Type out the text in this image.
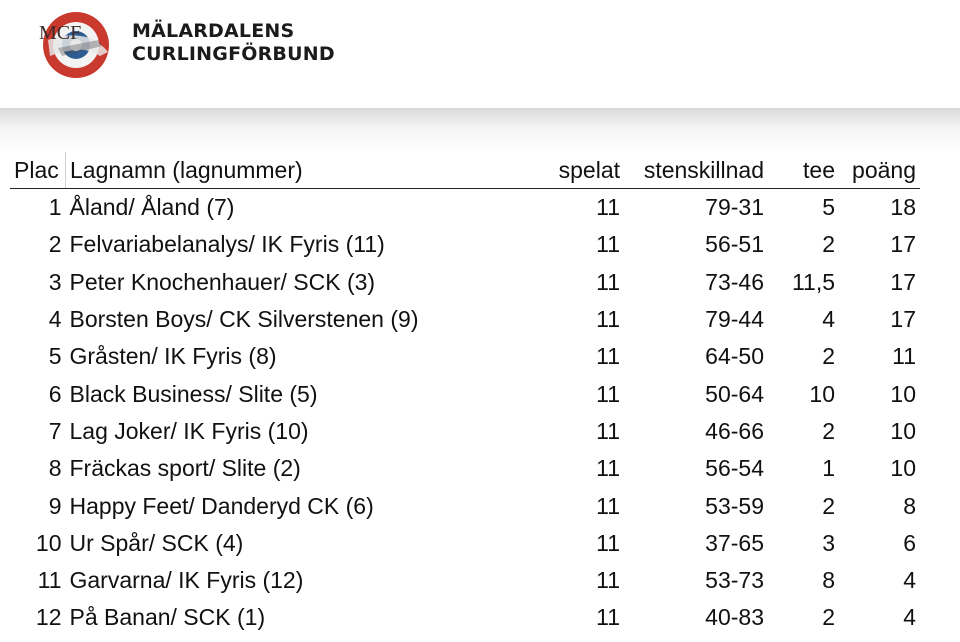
MCF	MÄLARDALENS
CURLINGFÖRBUND
Plac	Lagnamn (lagnummer)	spelat	stenskillnad	tee	poäng
1	Åland/ Åland (7)	11	79-31	5	18
2	Felvariabelanalys/ IK Fyris (11)	11	56-51	2	17
3	Peter Knochenhauer/ SCK (3)	11	73-46	11,5	17
4	Borsten Boys/ CK Silverstenen (9)	11	79-44	4	17
5	Gråsten/ IK Fyris (8)	11	64-50	2	11
6	Black Business/ Slite (5)	11	50-64	10	10
7	Lag Joker/ IK Fyris (10)	11	46-66	2	10
8	Fräckas sport/ Slite (2)	11	56-54	1	10
9	Happy Feet/ Danderyd CK (6)	11	53-59	2	8
10	Ur Spår/ SCK (4)	11	37-65	3	6
11	Garvarna/ IK Fyris (12)	11	53-73	8	4
12	På Banan/ SCK (1)	11	40-83	2	4
